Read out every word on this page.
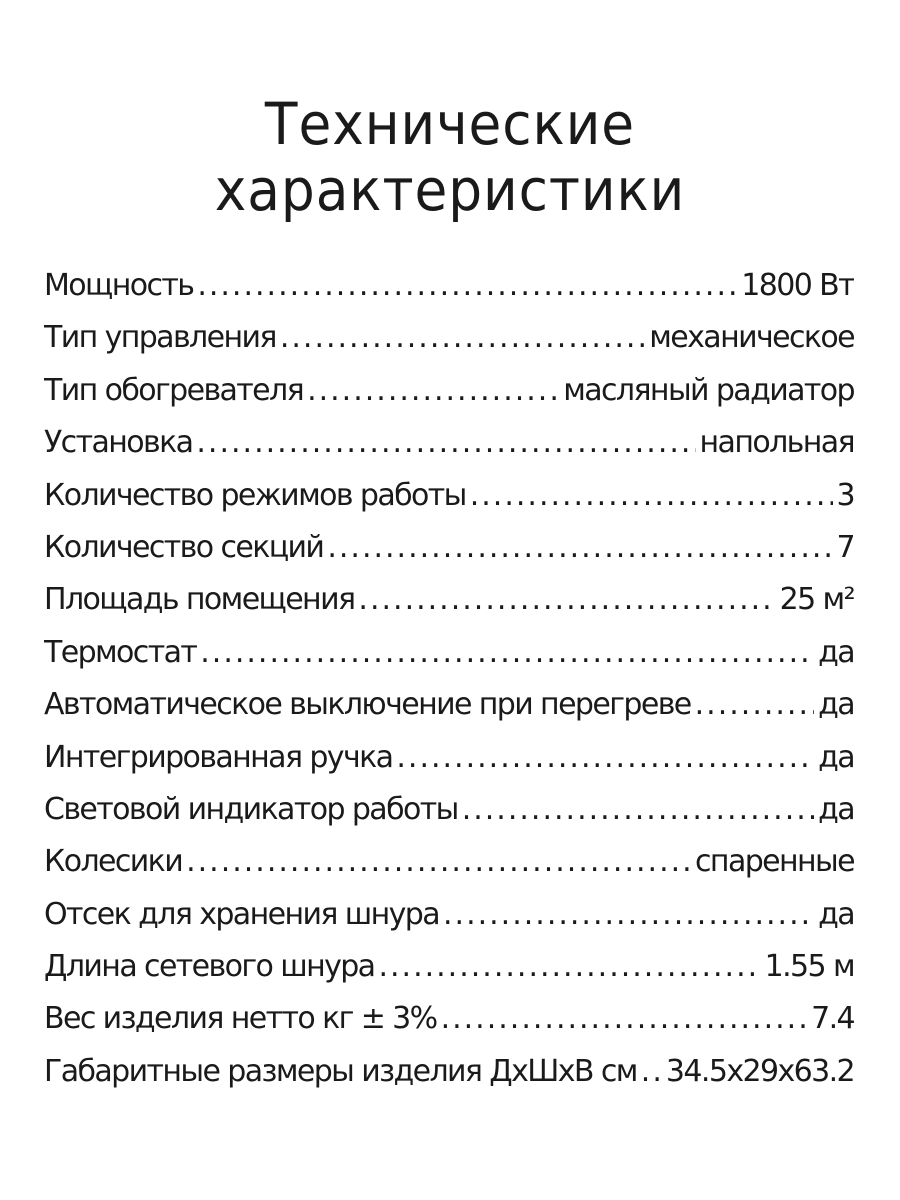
Технические
характеристики
Мощность .....	1800 Вт
Тип управления .....	механическое
Тип обогревателя .....	масляный радиатор
Установка .....	напольная
Количество режимов работы .....	3
Количество секций .....	7
Площадь помещения .....	25 м²
Термостат .....	да
Автоматическое выключение при перегреве .....	да
Интегрированная ручка .....	да
Световой индикатор работы .....	да
Колесики .....	спаренные
Отсек для хранения шнура .....	да
Длина сетевого шнура .....	1.55 м
Вес изделия нетто кг ± 3% .....	7.4
Габаритные размеры изделия ДхШхВ см ..... 34.5x29x63.2
